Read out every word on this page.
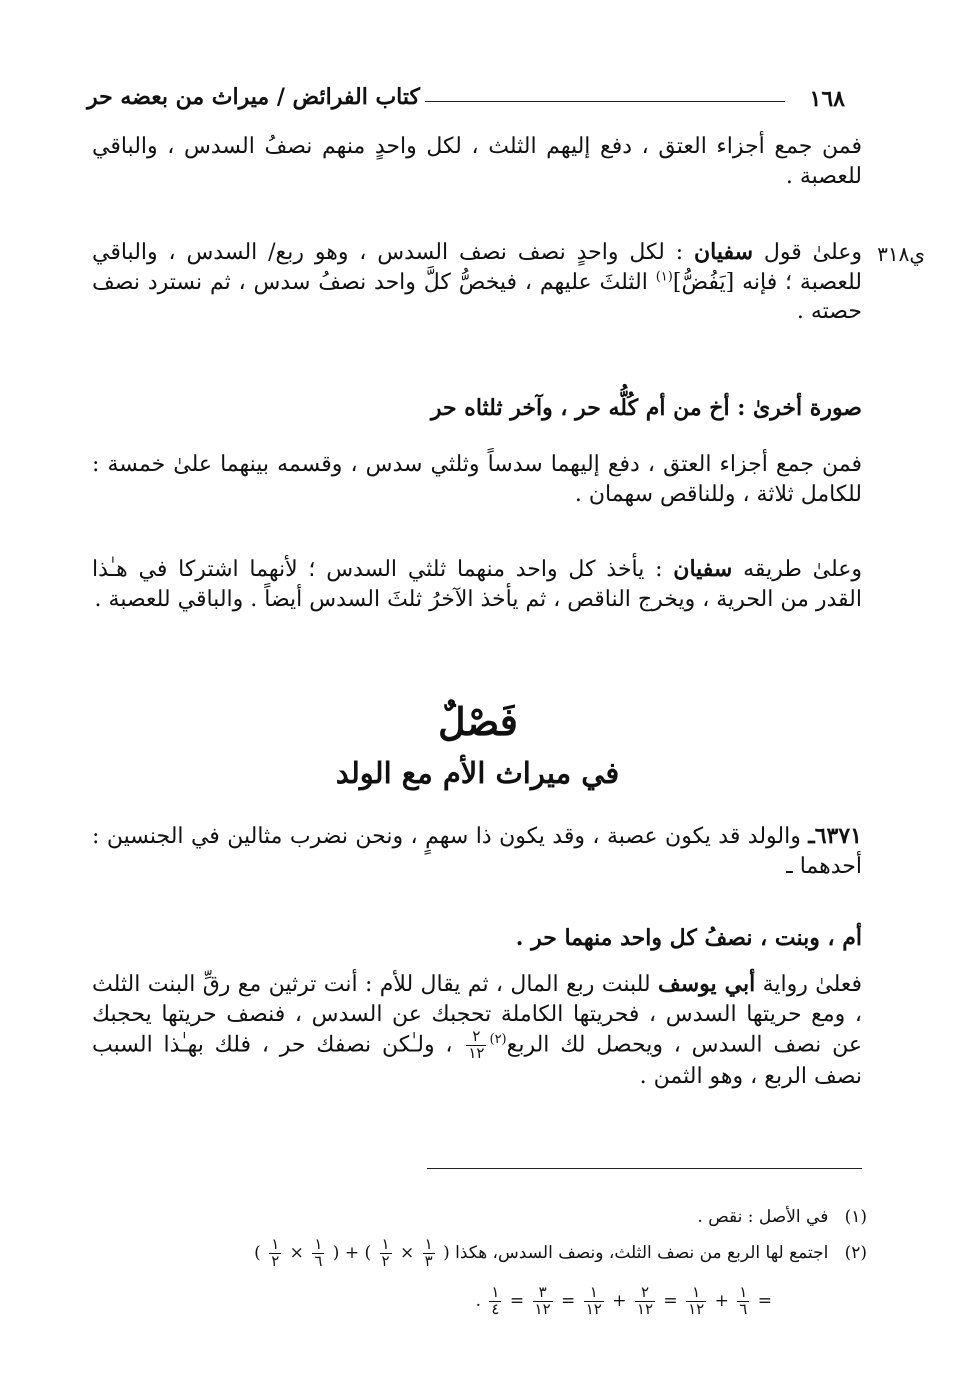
١٦٨
كتاب الفرائض / ميراث من بعضه حر
ي٣١٨

فمن جمع أجزاء العتق ، دفع إليهم الثلث ، لكل واحدٍ منهم نصفُ السدس ، والباقي للعصبة .

وعلىٰ قول سفيان : لكل واحدٍ نصف نصف السدس ، وهو ربع/ السدس ، والباقي للعصبة ؛ فإنه [يَفُضُّ]$^{(١)}$ الثلثَ عليهم ، فيخصُّ كلَّ واحد نصفُ سدس ، ثم نسترد نصف حصته .

صورة أخرىٰ : أخ من أم كُلُّه حر ، وآخر ثلثاه حر

فمن جمع أجزاء العتق ، دفع إليهما سدساً وثلثي سدس ، وقسمه بينهما علىٰ خمسة : للكامل ثلاثة ، وللناقص سهمان .

وعلىٰ طريقه سفيان : يأخذ كل واحد منهما ثلثي السدس ؛ لأنهما اشتركا في هـٰذا القدر من الحرية ، ويخرج الناقص ، ثم يأخذ الآخرُ ثلثَ السدس أيضاً . والباقي للعصبة .

فَصْلٌ
في ميراث الأم مع الولد

٦٣٧١ـ والولد قد يكون عصبة ، وقد يكون ذا سهمٍ ، ونحن نضرب مثالين في الجنسين : أحدهما ـ

أم ، وبنت ، نصفُ كل واحد منهما حر .

فعلىٰ رواية أبي يوسف للبنت ربع المال ، ثم يقال للأم : أنت ترثين مع رقِّ البنت الثلث ، ومع حريتها السدس ، فحريتها الكاملة تحجبك عن السدس ، فنصف حريتها يحجبك عن نصف السدس ، ويحصل لك الربع$^{(٢)}$
$\frac{٢}{١٢}$
، ولـٰكن نصفك حر ، فلك بهـٰذا السبب نصف الربع ، وهو الثمن .

(١)   في الأصل : نقص .
(٢)   اجتمع لها الربع من نصف الثلث، ونصف السدس، هكذا (
$\frac{١}{٣}$
×
$\frac{١}{٢}$
) + (
$\frac{١}{٦}$
×
$\frac{١}{٢}$
)
=
$\frac{١}{٦}$
+
$\frac{١}{١٢}$
=
$\frac{٢}{١٢}$
+
$\frac{١}{١٢}$
=
$\frac{٣}{١٢}$
=
$\frac{١}{٤}$
.
